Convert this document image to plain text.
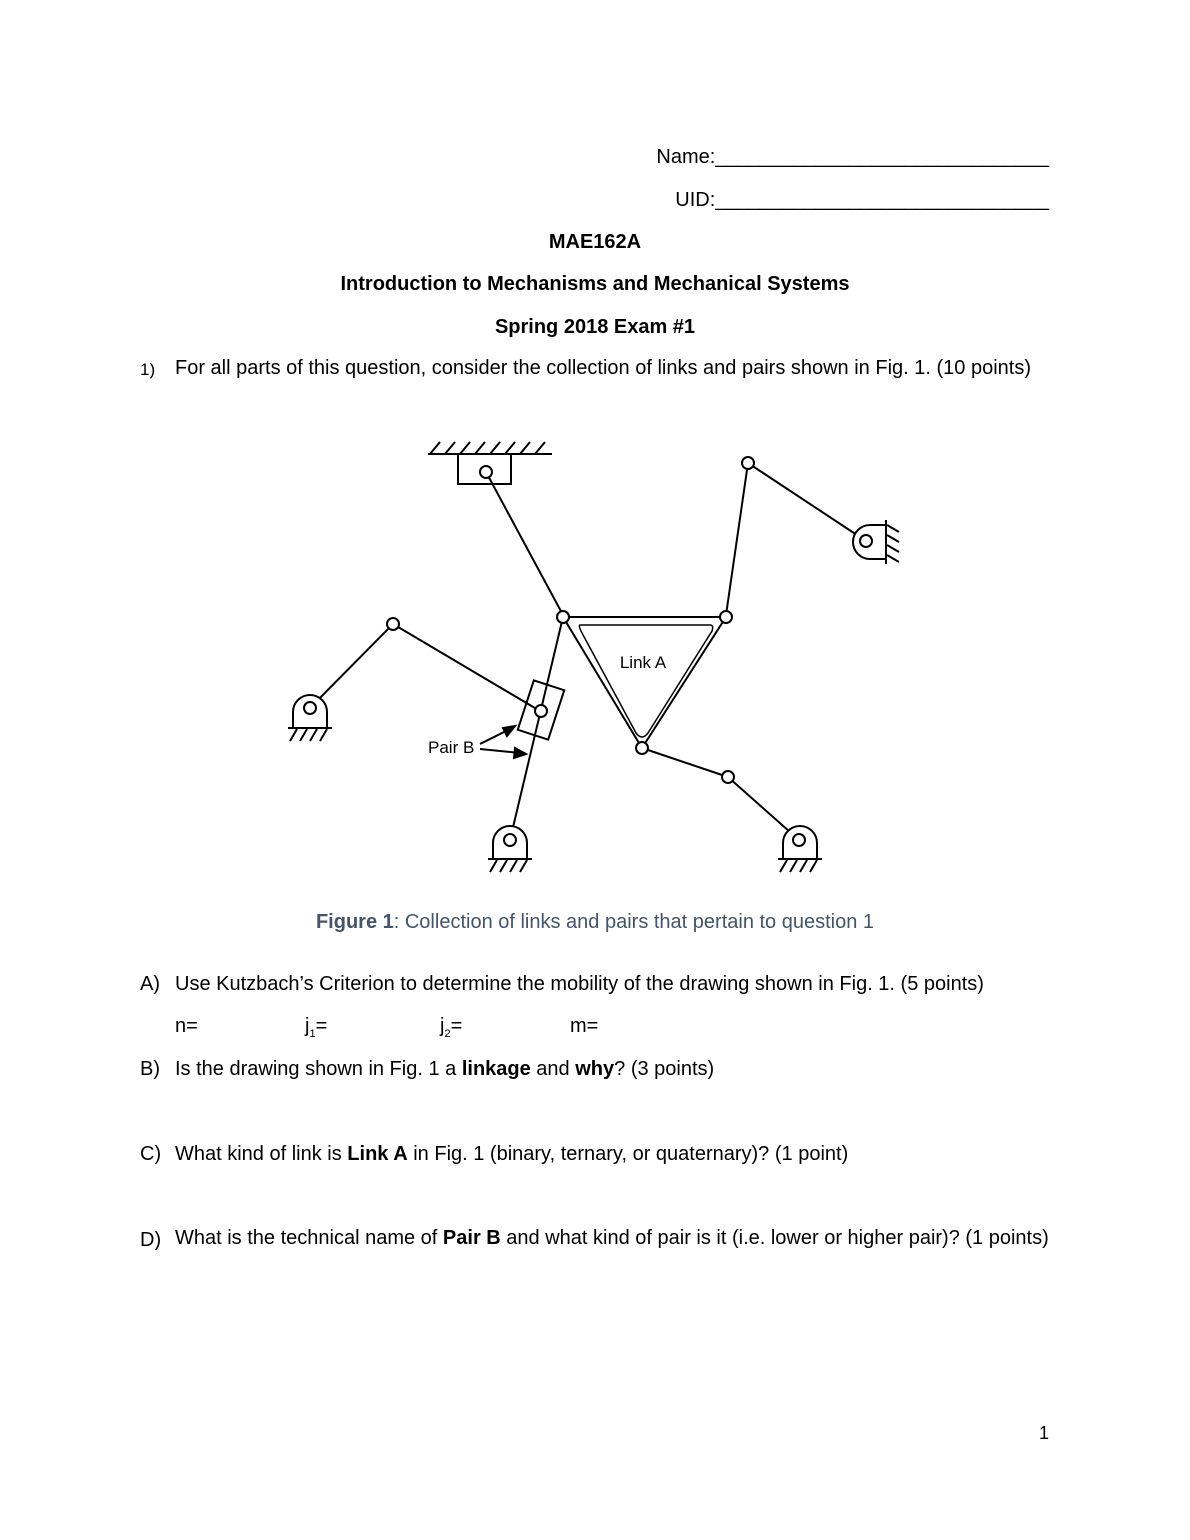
Name:______________________________
UID:______________________________
MAE162A
Introduction to Mechanisms and Mechanical Systems
Spring 2018 Exam #1
1) For all parts of this question, consider the collection of links and pairs shown in Fig. 1. (10 points)
Link A
Pair B
Figure 1: Collection of links and pairs that pertain to question 1
A) Use Kutzbach’s Criterion to determine the mobility of the drawing shown in Fig. 1. (5 points)
n=	$j_1=$	$j_2=$	m=
B) Is the drawing shown in Fig. 1 a linkage and why? (3 points)
C) What kind of link is Link A in Fig. 1 (binary, ternary, or quaternary)? (1 point)
D) What is the technical name of Pair B and what kind of pair is it (i.e. lower or higher pair)? (1 points)
1
